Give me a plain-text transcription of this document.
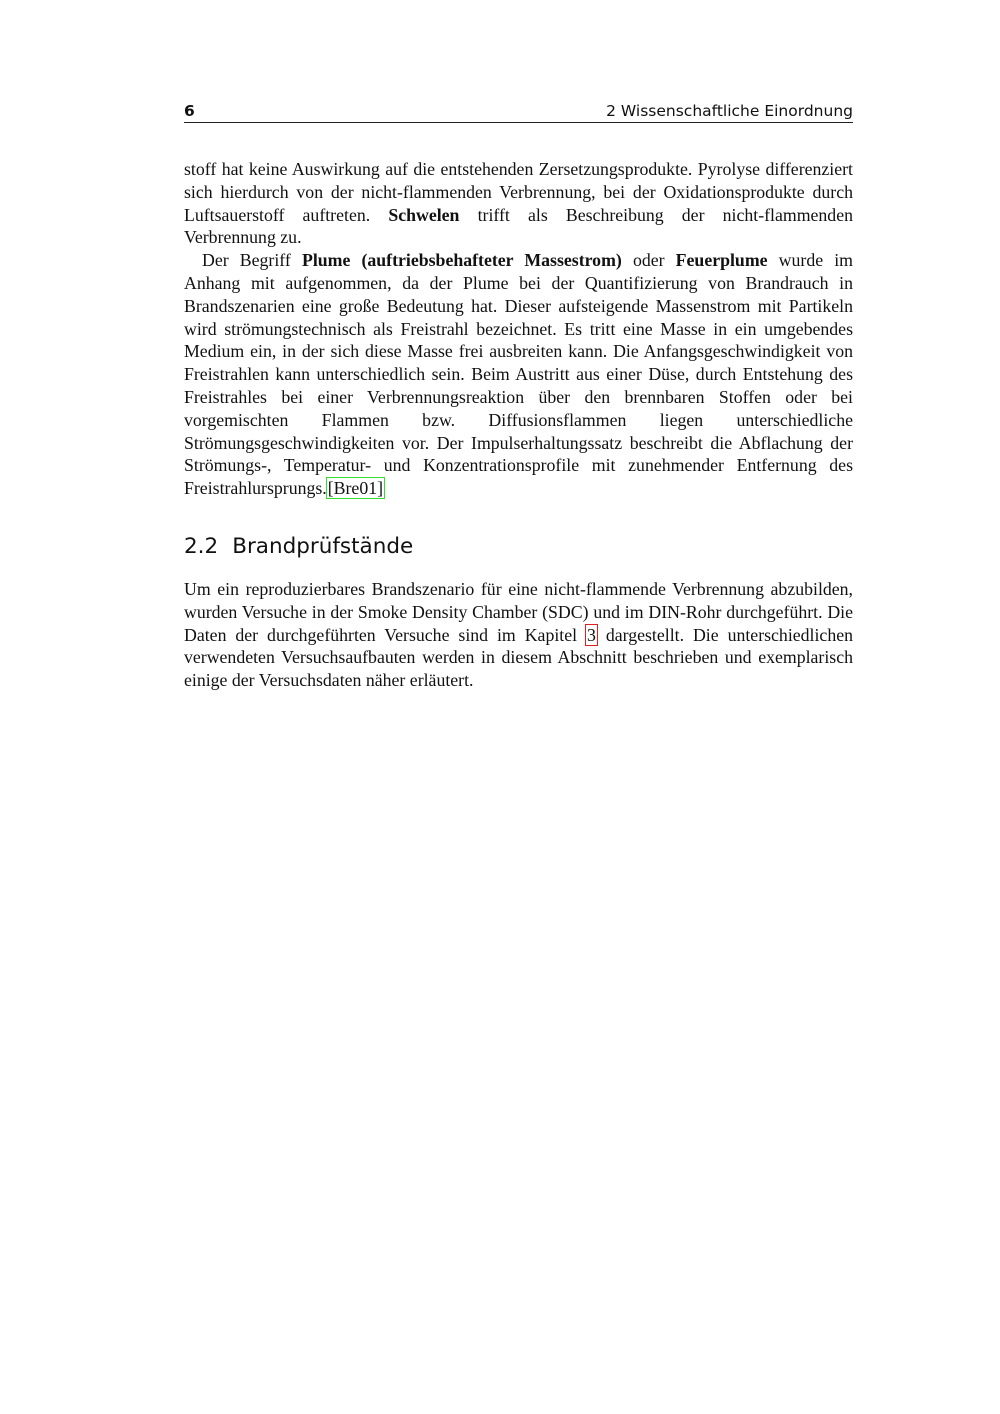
6	2 Wissenschaftliche Einordnung

stoff hat keine Auswirkung auf die entstehenden Zersetzungsprodukte. Pyrolyse differenziert sich hierdurch von der nicht-flammenden Verbrennung, bei der Oxidationsprodukte durch Luftsauerstoff auftreten. Schwelen trifft als Beschreibung der nicht-flammenden Verbrennung zu.

Der Begriff Plume (auftriebsbehafteter Massestrom) oder Feuerplume wurde im Anhang mit aufgenommen, da der Plume bei der Quantifizierung von Brandrauch in Brandszenarien eine große Bedeutung hat. Dieser aufsteigende Massenstrom mit Partikeln wird strömungstechnisch als Freistrahl bezeichnet. Es tritt eine Masse in ein umgebendes Medium ein, in der sich diese Masse frei ausbreiten kann. Die Anfangsgeschwindigkeit von Freistrahlen kann unterschiedlich sein. Beim Austritt aus einer Düse, durch Entstehung des Freistrahles bei einer Verbrennungsreaktion über den brennbaren Stoffen oder bei vorgemischten Flammen bzw. Diffusionsflammen liegen unterschiedliche Strömungsgeschwindigkeiten vor. Der Impulserhaltungssatz beschreibt die Abflachung der Strömungs-, Temperatur- und Konzentrationsprofile mit zunehmender Entfernung des Freistrahlursprungs.[Bre01]

2.2 Brandprüfstände

Um ein reproduzierbares Brandszenario für eine nicht-flammende Verbrennung abzubilden, wurden Versuche in der Smoke Density Chamber (SDC) und im DIN-Rohr durchgeführt. Die Daten der durchgeführten Versuche sind im Kapitel 3 dargestellt. Die unterschiedlichen verwendeten Versuchsaufbauten werden in diesem Abschnitt beschrieben und exemplarisch einige der Versuchsdaten näher erläutert.
